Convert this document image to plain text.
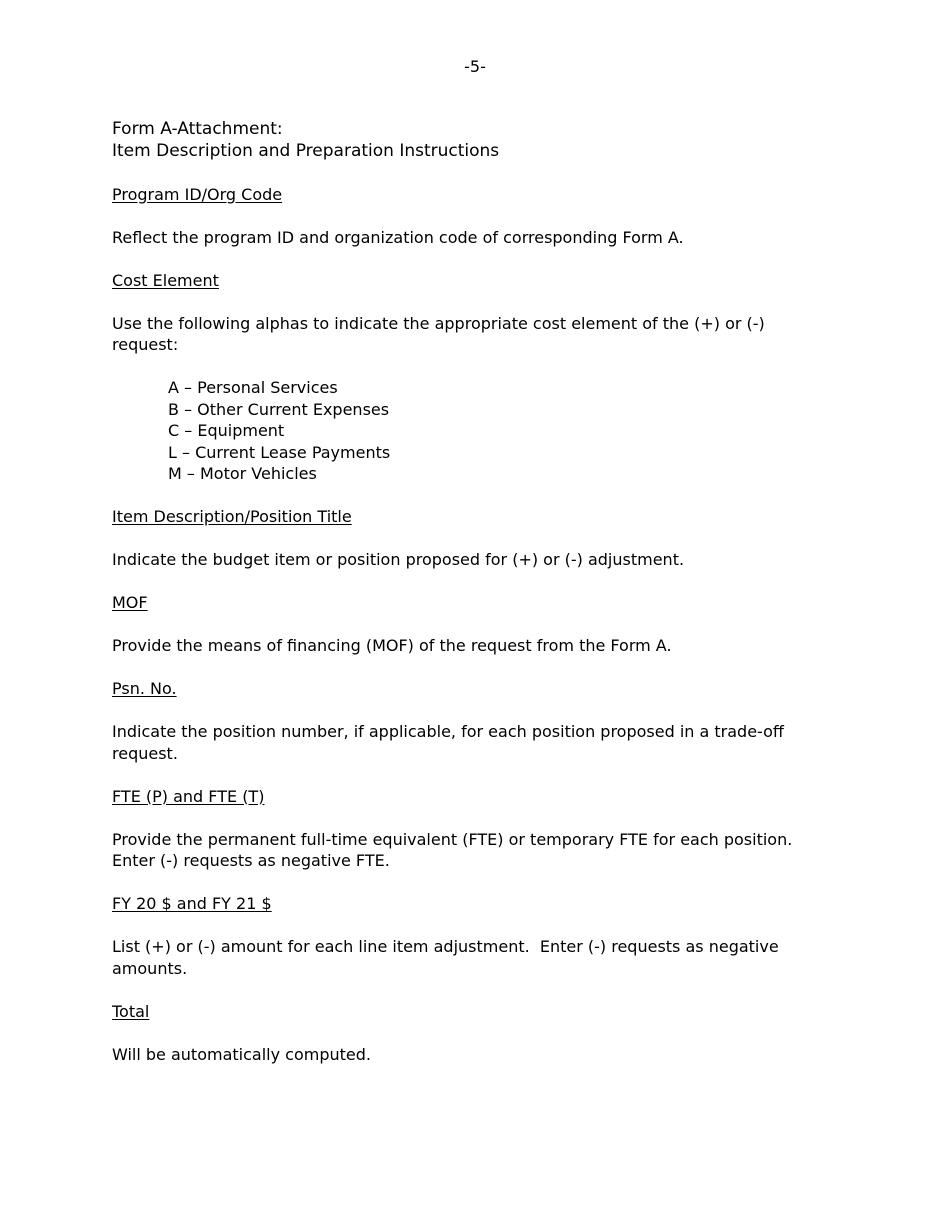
-5-
Form A-Attachment:
Item Description and Preparation Instructions
Program ID/Org Code
Reflect the program ID and organization code of corresponding Form A.
Cost Element
Use the following alphas to indicate the appropriate cost element of the (+) or (-)
request:
A – Personal Services
B – Other Current Expenses
C – Equipment
L – Current Lease Payments
M – Motor Vehicles
Item Description/Position Title
Indicate the budget item or position proposed for (+) or (-) adjustment.
MOF
Provide the means of financing (MOF) of the request from the Form A.
Psn. No.
Indicate the position number, if applicable, for each position proposed in a trade-off
request.
FTE (P) and FTE (T)
Provide the permanent full-time equivalent (FTE) or temporary FTE for each position.
Enter (-) requests as negative FTE.
FY 20 $ and FY 21 $
List (+) or (-) amount for each line item adjustment.  Enter (-) requests as negative
amounts.
Total
Will be automatically computed.
